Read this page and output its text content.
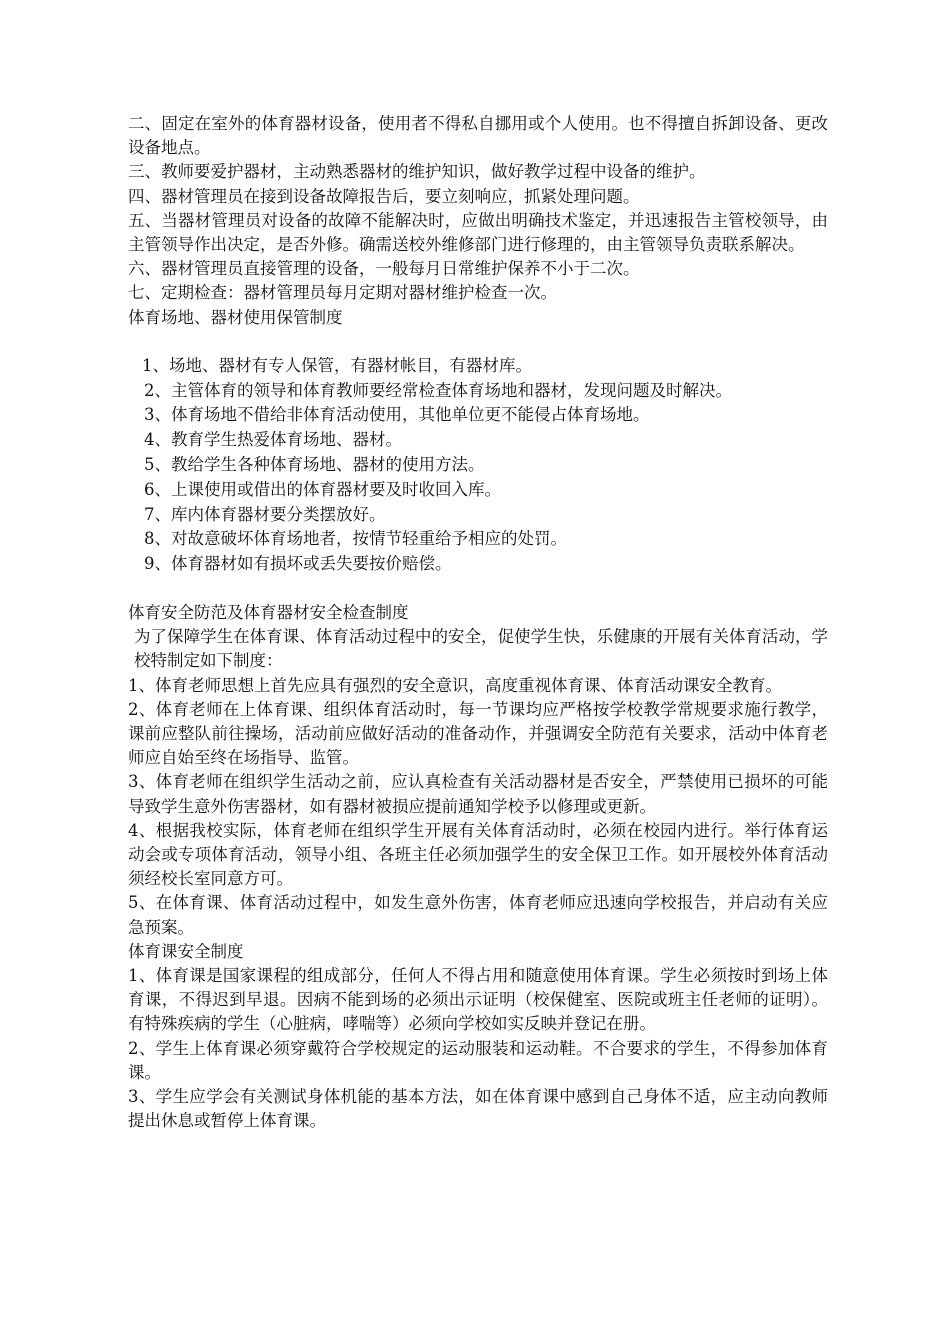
二、固定在室外的体育器材设备，使用者不得私自挪用或个人使用。也不得擅自拆卸设备、更改设备地点。

三、教师要爱护器材，主动熟悉器材的维护知识，做好教学过程中设备的维护。

四、器材管理员在接到设备故障报告后，要立刻响应，抓紧处理问题。

五、当器材管理员对设备的故障不能解决时，应做出明确技术鉴定，并迅速报告主管校领导，由主管领导作出决定，是否外修。确需送校外维修部门进行修理的，由主管领导负责联系解决。

六、器材管理员直接管理的设备，一般每月日常维护保养不小于二次。

七、定期检查：器材管理员每月定期对器材维护检查一次。

体育场地、器材使用保管制度

1、场地、器材有专人保管，有器材帐目，有器材库。

2、主管体育的领导和体育教师要经常检查体育场地和器材，发现问题及时解决。

3、体育场地不借给非体育活动使用，其他单位更不能侵占体育场地。

4、教育学生热爱体育场地、器材。

5、教给学生各种体育场地、器材的使用方法。

6、上课使用或借出的体育器材要及时收回入库。

7、库内体育器材要分类摆放好。

8、对故意破坏体育场地者，按情节轻重给予相应的处罚。

9、体育器材如有损坏或丢失要按价赔偿。

体育安全防范及体育器材安全检查制度

为了保障学生在体育课、体育活动过程中的安全，促使学生快，乐健康的开展有关体育活动，学校特制定如下制度：

1、体育老师思想上首先应具有强烈的安全意识，高度重视体育课、体育活动课安全教育。

2、体育老师在上体育课、组织体育活动时，每一节课均应严格按学校教学常规要求施行教学，课前应整队前往操场，活动前应做好活动的准备动作，并强调安全防范有关要求，活动中体育老师应自始至终在场指导、监管。

3、体育老师在组织学生活动之前，应认真检查有关活动器材是否安全，严禁使用已损坏的可能导致学生意外伤害器材，如有器材被损应提前通知学校予以修理或更新。

4、根据我校实际，体育老师在组织学生开展有关体育活动时，必须在校园内进行。举行体育运动会或专项体育活动，领导小组、各班主任必须加强学生的安全保卫工作。如开展校外体育活动须经校长室同意方可。

5、在体育课、体育活动过程中，如发生意外伤害，体育老师应迅速向学校报告，并启动有关应急预案。

体育课安全制度

1、体育课是国家课程的组成部分，任何人不得占用和随意使用体育课。学生必须按时到场上体育课，不得迟到早退。因病不能到场的必须出示证明（校保健室、医院或班主任老师的证明）。有特殊疾病的学生（心脏病，哮喘等）必须向学校如实反映并登记在册。

2、学生上体育课必须穿戴符合学校规定的运动服装和运动鞋。不合要求的学生，不得参加体育课。

3、学生应学会有关测试身体机能的基本方法，如在体育课中感到自己身体不适，应主动向教师提出休息或暂停上体育课。
